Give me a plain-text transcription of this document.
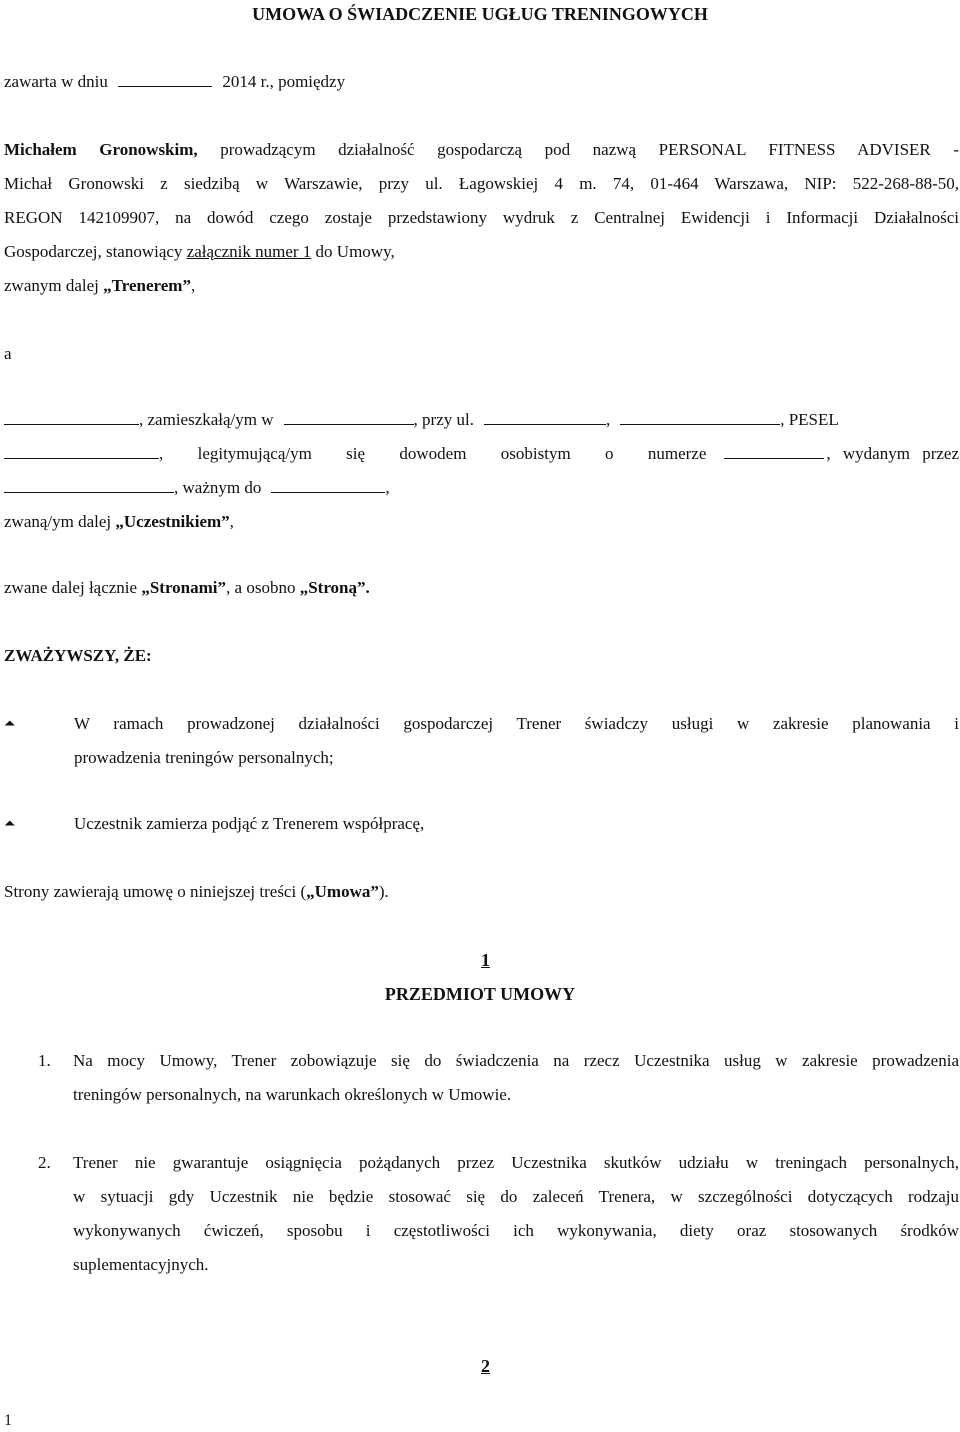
UMOWA O ŚWIADCZENIE UGŁUG TRENINGOWYCH
zawarta w dniu	2014 r., pomiędzy
Michałem Gronowskim, prowadzącym działalność gospodarczą pod nazwą PERSONAL FITNESS ADVISER -
Michał Gronowski z siedzibą w Warszawie, przy ul. Łagowskiej 4 m. 74, 01-464 Warszawa, NIP: 522-268-88-50,
REGON 142109907, na dowód czego zostaje przedstawiony wydruk z Centralnej Ewidencji i Informacji Działalności
Gospodarczej, stanowiący załącznik numer 1 do Umowy,
zwanym dalej „Trenerem”,
a
, zamieszkałą/ym w	, przy ul.	,	, PESEL
, legitymującą/ym się dowodem osobistym o numerze	, wydanym przez
, ważnym do	,
zwaną/ym dalej „Uczestnikiem”,
zwane dalej łącznie „Stronami”, a osobno „Stroną”.
ZWAŻYWSZY, ŻE:
⏶	W ramach prowadzonej działalności gospodarczej Trener świadczy usługi w zakresie planowania i
prowadzenia treningów personalnych;
⏶	Uczestnik zamierza podjąć z Trenerem współpracę,
Strony zawierają umowę o niniejszej treści („Umowa”).
1
PRZEDMIOT UMOWY
1. Na mocy Umowy, Trener zobowiązuje się do świadczenia na rzecz Uczestnika usług w zakresie prowadzenia
treningów personalnych, na warunkach określonych w Umowie.
2. Trener nie gwarantuje osiągnięcia pożądanych przez Uczestnika skutków udziału w treningach personalnych,
w sytuacji gdy Uczestnik nie będzie stosować się do zaleceń Trenera, w szczególności dotyczących rodzaju
wykonywanych ćwiczeń, sposobu i częstotliwości ich wykonywania, diety oraz stosowanych środków
suplementacyjnych.
2
1
